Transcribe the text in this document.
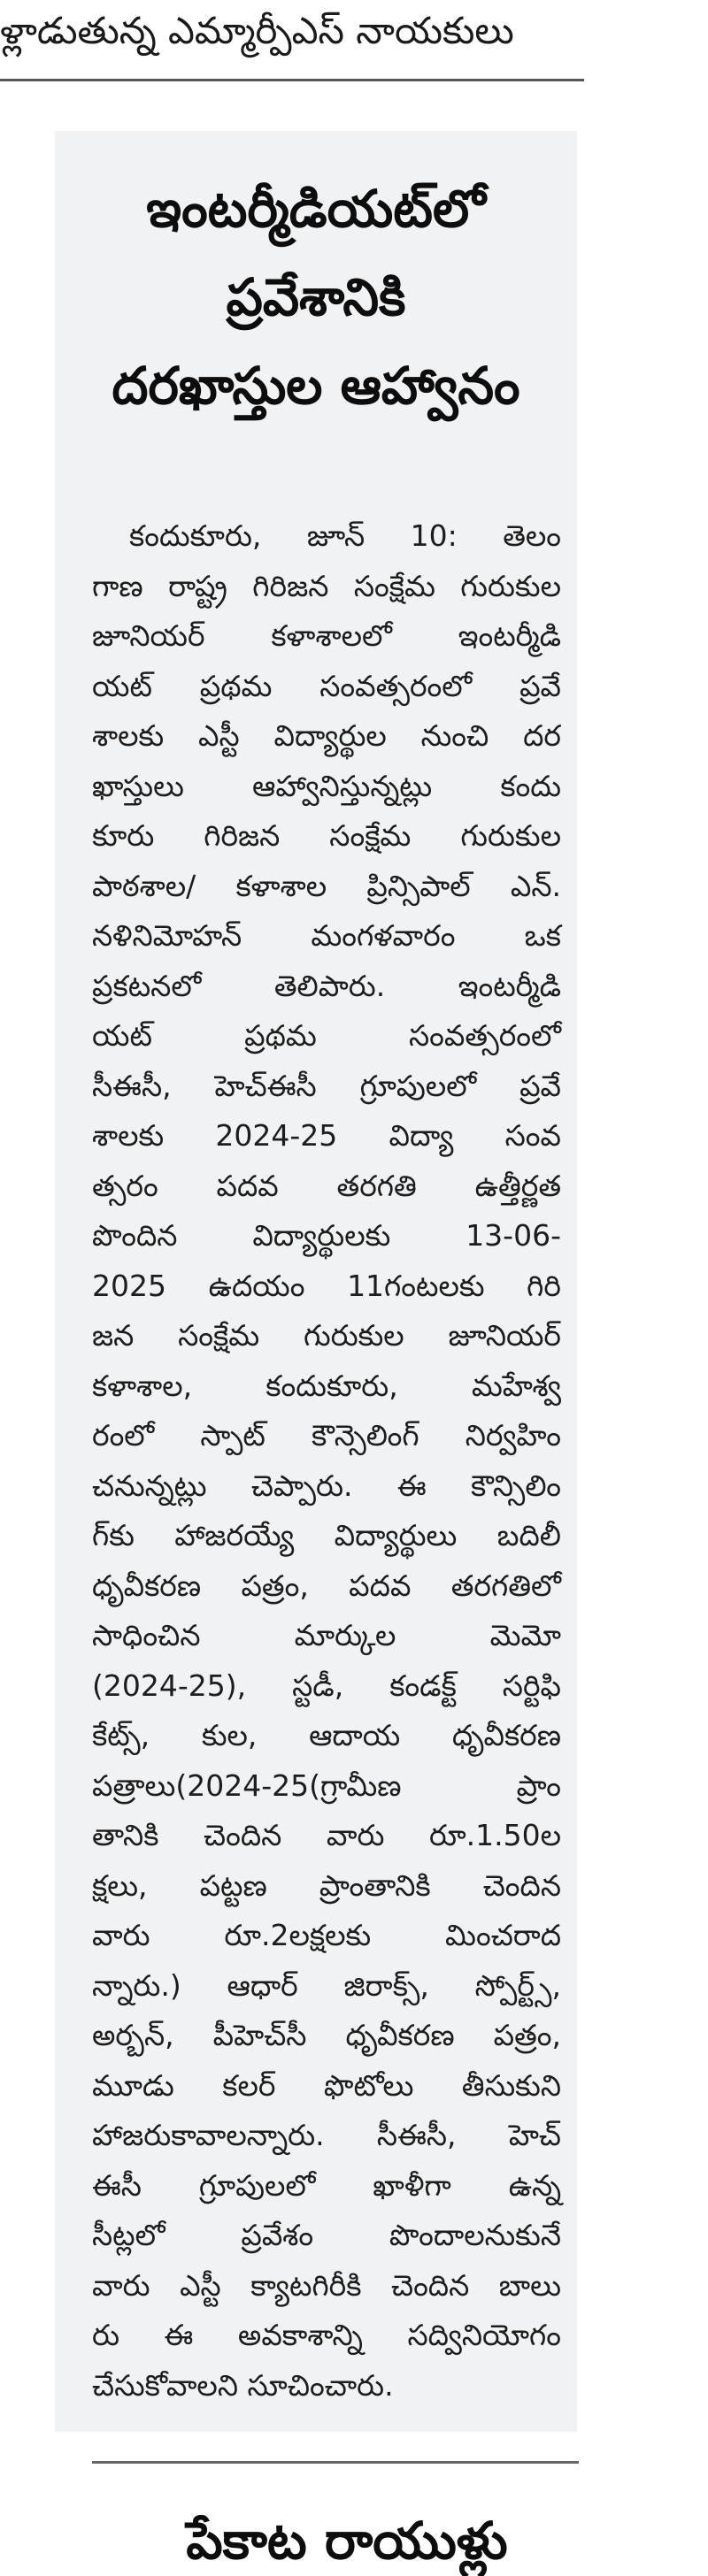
ళ్లాడుతున్న ఎమ్మార్పీఎస్ నాయకులు
ఇంటర్మీడియట్‌లో
ప్రవేశానికి
దరఖాస్తుల ఆహ్వానం
కందుకూరు, జూన్ 10: తెలం
గాణ రాష్ట్ర గిరిజన సంక్షేమ గురుకుల
జూనియర్ కళాశాలలో ఇంటర్మీడి
యట్ ప్రథమ సంవత్సరంలో ప్రవే
శాలకు ఎస్టీ విద్యార్థుల నుంచి దర
ఖాస్తులు ఆహ్వానిస్తున్నట్లు కందు
కూరు గిరిజన సంక్షేమ గురుకుల
పాఠశాల/ కళాశాల ప్రిన్సిపాల్ ఎన్.
నళినిమోహన్ మంగళవారం ఒక
ప్రకటనలో తెలిపారు. ఇంటర్మీడి
యట్ ప్రథమ సంవత్సరంలో
సీఈసీ, హెచ్ఈసీ గ్రూపులలో ప్రవే
శాలకు 2024-25 విద్యా సంవ
త్సరం పదవ తరగతి ఉత్తీర్ణత
పొందిన విద్యార్థులకు 13-06-
2025 ఉదయం 11గంటలకు గిరి
జన సంక్షేమ గురుకుల జూనియర్
కళాశాల, కందుకూరు, మహేశ్వ
రంలో స్పాట్ కౌన్సెలింగ్ నిర్వహిం
చనున్నట్లు చెప్పారు. ఈ కౌన్సిలిం
గ్‌కు హాజరయ్యే విద్యార్థులు బదిలీ
ధృవీకరణ పత్రం, పదవ తరగతిలో
సాధించిన మార్కుల మెమో
(2024-25), స్టడీ, కండక్ట్ సర్టిఫి
కేట్స్, కుల, ఆదాయ ధృవీకరణ
పత్రాలు(2024-25(గ్రామీణ ప్రాం
తానికి చెందిన వారు రూ.1.50ల
క్షలు, పట్టణ ప్రాంతానికి చెందిన
వారు రూ.2లక్షలకు మించరాద
న్నారు.) ఆధార్ జిరాక్స్, స్పోర్ట్స్,
అర్బన్, పీహెచ్‌సీ ధృవీకరణ పత్రం,
మూడు కలర్ ఫొటోలు తీసుకుని
హాజరుకావాలన్నారు. సీఈసీ, హెచ్
ఈసీ గ్రూపులలో ఖాళీగా ఉన్న
సీట్లలో ప్రవేశం పొందాలనుకునే
వారు ఎస్టీ క్యాటగిరీకి చెందిన బాలు
రు ఈ అవకాశాన్ని సద్వినియోగం
చేసుకోవాలని సూచించారు.
పేకాట రాయుళ్లు
